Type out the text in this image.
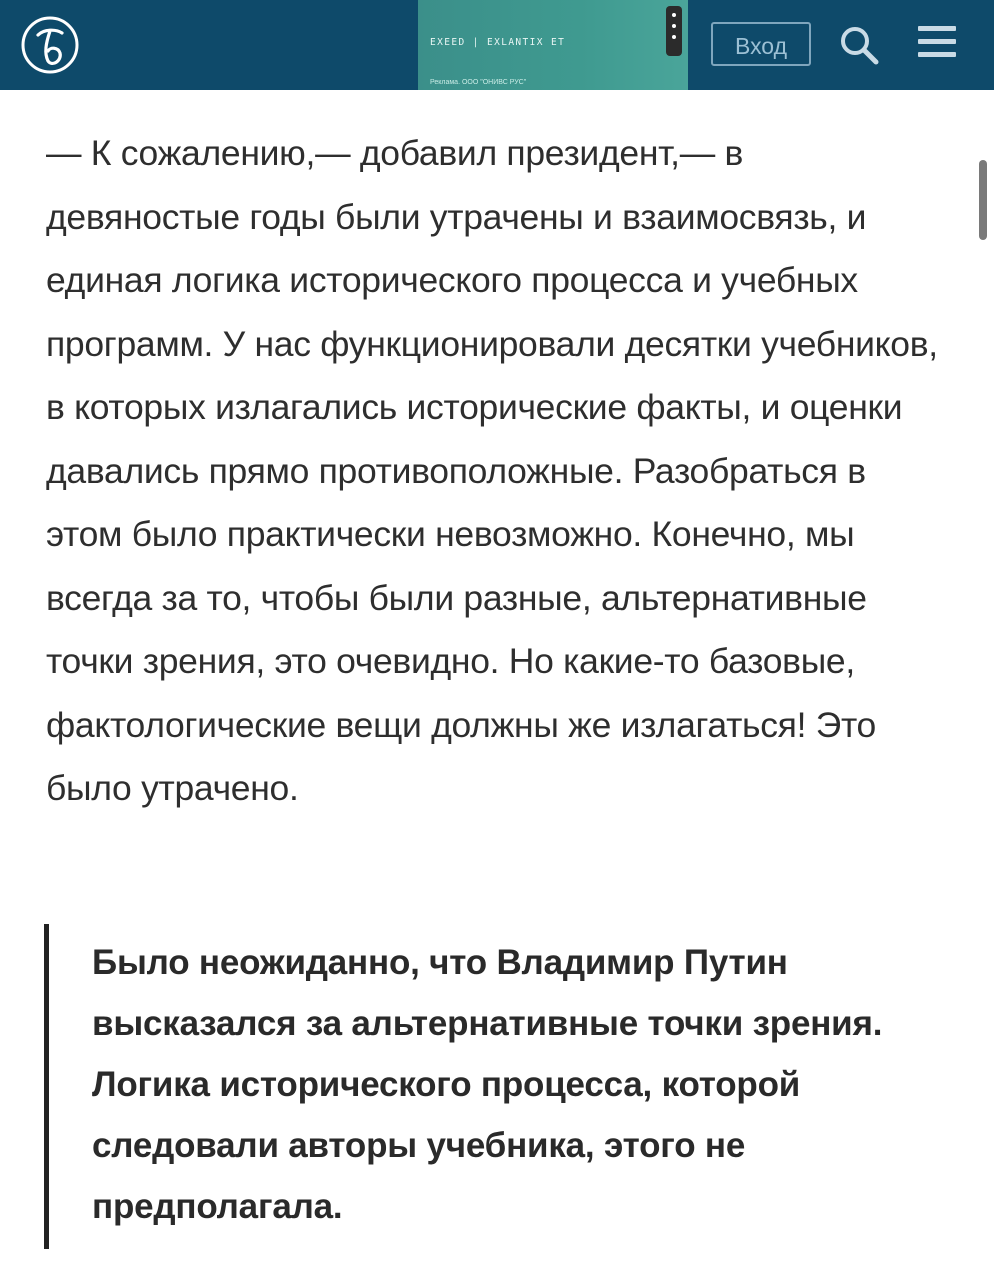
EXEED | EXLANTIX ET
Реклама. ООО "ОНИВС РУС"
Вход

— К сожалению,— добавил президент,— в девяностые годы были утрачены и взаимосвязь, и единая логика исторического процесса и учебных программ. У нас функционировали десятки учебников, в которых излагались исторические факты, и оценки давались прямо противоположные. Разобраться в этом было практически невозможно. Конечно, мы всегда за то, чтобы были разные, альтернативные точки зрения, это очевидно. Но какие-то базовые, фактологические вещи должны же излагаться! Это было утрачено.

Было неожиданно, что Владимир Путин высказался за альтернативные точки зрения. Логика исторического процесса, которой следовали авторы учебника, этого не предполагала.
